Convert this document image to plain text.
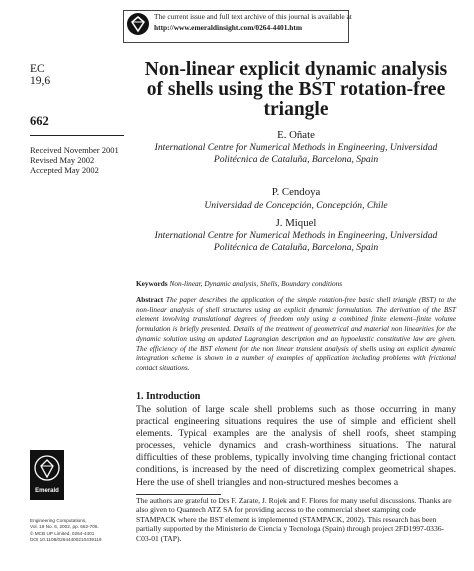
The current issue and full text archive of this journal is available at
http://www.emeraldinsight.com/0264-4401.htm
EC
19,6
662
Received November 2001
Revised May 2002
Accepted May 2002
Non-linear explicit dynamic analysis of shells using the BST rotation-free triangle
E. Oñate
International Centre for Numerical Methods in Engineering, Universidad Politécnica de Cataluña, Barcelona, Spain
P. Cendoya
Universidad de Concepción, Concepción, Chile
J. Miquel
International Centre for Numerical Methods in Engineering, Universidad Politécnica de Cataluña, Barcelona, Spain
Keywords Non-linear, Dynamic analysis, Shells, Boundary conditions
Abstract The paper describes the application of the simple rotation-free basic shell triangle (BST) to the non-linear analysis of shell structures using an explicit dynamic formulation. The derivation of the BST element involving translational degrees of freedom only using a combined finite element–finite volume formulation is briefly presented. Details of the treatment of geometrical and material non linearities for the dynamic solution using an updated Lagrangian description and an hypoelastic constitutive law are given. The efficiency of the BST element for the non linear transient analysis of shells using an explicit dynamic integration scheme is shown in a number of examples of application including problems with frictional contact situations.
1. Introduction
The solution of large scale shell problems such as those occurring in many practical engineering situations requires the use of simple and efficient shell elements. Typical examples are the analysis of shell roofs, sheet stamping processes, vehicle dynamics and crash-worthiness situations. The natural difficulties of these problems, typically involving time changing frictional contact conditions, is increased by the need of discretizing complex geometrical shapes. Here the use of shell triangles and non-structured meshes becomes a
The authors are grateful to Drs F. Zarate, J. Rojek and F. Flores for many useful discussions. Thanks are also given to Quantech ATZ SA for providing access to the commercial sheet stamping code STAMPACK where the BST element is implemented (STAMPACK, 2002). This research has been partially supported by the Ministerio de Ciencia y Tecnologa (Spain) through project 2FD1997-0336-C03-01 (TAP).
Emerald
Engineering Computations,
Vol. 19 No. 6, 2002, pp. 662-706.
© MCB UP Limited, 0264-4401
DOI 10.1108/02644400210439119
